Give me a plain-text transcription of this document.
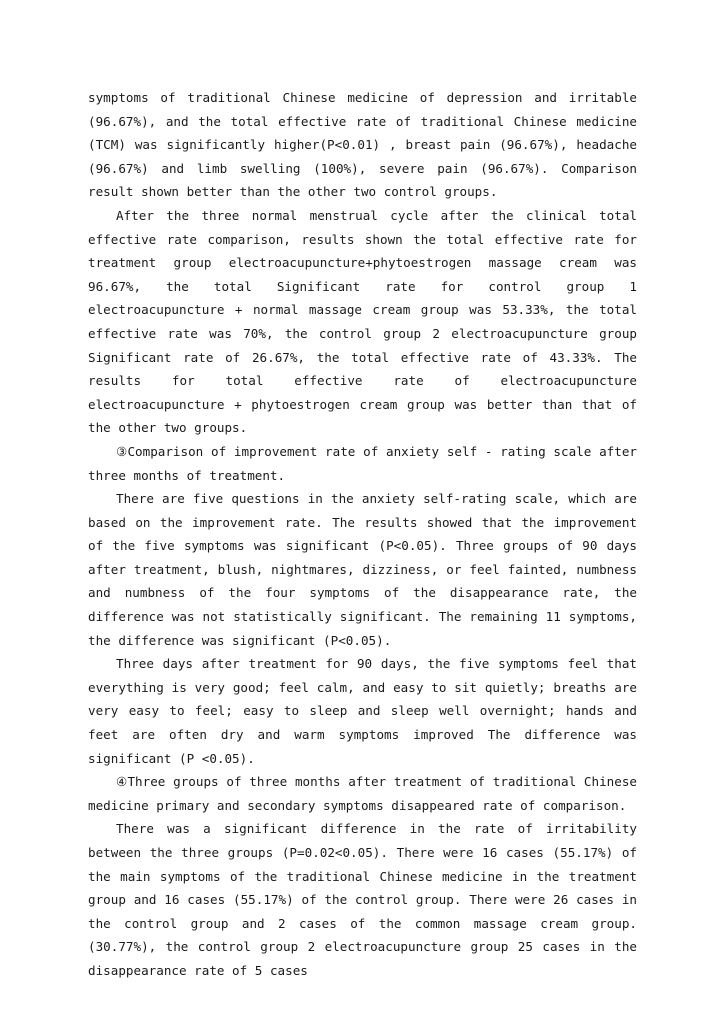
symptoms of traditional Chinese medicine of depression and irritable (96.67%), and the total effective rate of traditional Chinese medicine (TCM) was significantly higher(P<0.01) , breast pain (96.67%), headache (96.67%) and limb swelling (100%), severe pain (96.67%). Comparison result shown better than the other two control groups.

After the three normal menstrual cycle after the clinical total effective rate comparison, results shown the total effective rate for treatment group electroacupuncture+phytoestrogen massage cream was 96.67%, the total Significant rate for control group 1 electroacupuncture + normal massage cream group was 53.33%, the total effective rate was 70%, the control group 2 electroacupuncture group Significant rate of 26.67%, the total effective rate of 43.33%. The results for total effective rate of electroacupuncture electroacupuncture + phytoestrogen cream group was better than that of the other two groups.

③Comparison of improvement rate of anxiety self - rating scale after three months of treatment.

There are five questions in the anxiety self-rating scale, which are based on the improvement rate. The results showed that the improvement of the five symptoms was significant (P<0.05). Three groups of 90 days after treatment, blush, nightmares, dizziness, or feel fainted, numbness and numbness of the four symptoms of the disappearance rate, the difference was not statistically significant. The remaining 11 symptoms, the difference was significant (P<0.05).

Three days after treatment for 90 days, the five symptoms feel that everything is very good; feel calm, and easy to sit quietly; breaths are very easy to feel; easy to sleep and sleep well overnight; hands and feet are often dry and warm symptoms improved The difference was significant (P <0.05).

④Three groups of three months after treatment of traditional Chinese medicine primary and secondary symptoms disappeared rate of comparison.

There was a significant difference in the rate of irritability between the three groups (P=0.02<0.05). There were 16 cases (55.17%) of the main symptoms of the traditional Chinese medicine in the treatment group and 16 cases (55.17%) of the control group. There were 26 cases in the control group and 2 cases of the common massage cream group. (30.77%), the control group 2 electroacupuncture group 25 cases in the disappearance rate of 5 cases
